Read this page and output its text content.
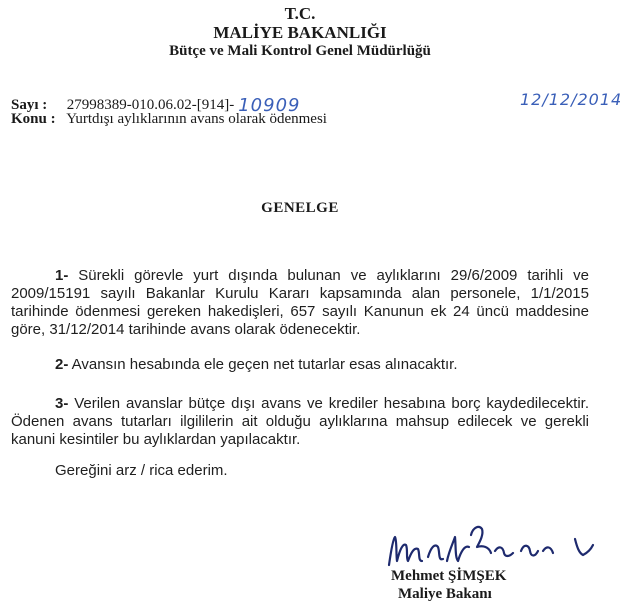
T.C.
MALİYE BAKANLIĞI
Bütçe ve Mali Kontrol Genel Müdürlüğü
Sayı : 27998389-010.06.02-[914]- 10909	12/12/2014
Konu : Yurtdışı aylıklarının avans olarak ödenmesi
GENELGE
1- Sürekli görevle yurt dışında bulunan ve aylıklarını 29/6/2009 tarihli ve 2009/15191 sayılı Bakanlar Kurulu Kararı kapsamında alan personele, 1/1/2015 tarihinde ödenmesi gereken hakedişleri, 657 sayılı Kanunun ek 24 üncü maddesine göre, 31/12/2014 tarihinde avans olarak ödenecektir.
2- Avansın hesabında ele geçen net tutarlar esas alınacaktır.
3- Verilen avanslar bütçe dışı avans ve krediler hesabına borç kaydedilecektir. Ödenen avans tutarları ilgililerin ait olduğu aylıklarına mahsup edilecek ve gerekli kanuni kesintiler bu aylıklardan yapılacaktır.
Gereğini arz / rica ederim.
Mehmet ŞİMŞEK
Maliye Bakanı
